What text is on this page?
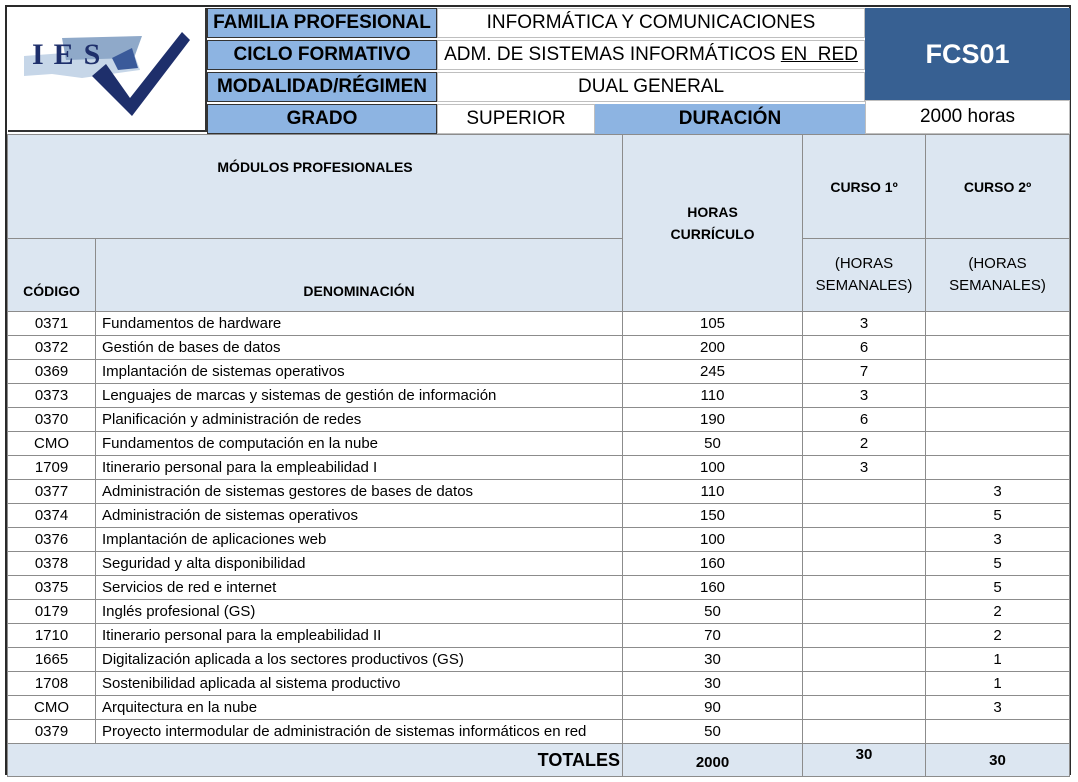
IES
FAMILIA PROFESIONAL	INFORMÁTICA Y COMUNICACIONES
CICLO FORMATIVO	ADM. DE SISTEMAS INFORMÁTICOS EN  RED
MODALIDAD/RÉGIMEN	DUAL GENERAL
GRADO	SUPERIOR	DURACIÓN	2000 horas
FCS01
MÓDULOS PROFESIONALES		HORAS CURRÍCULO	CURSO 1º	CURSO 2º
CÓDIGO	DENOMINACIÓN		(HORAS SEMANALES)	(HORAS SEMANALES)
0371	Fundamentos de hardware	105	3	
0372	Gestión de bases de datos	200	6	
0369	Implantación de sistemas operativos	245	7	
0373	Lenguajes de marcas y sistemas de gestión de información	110	3	
0370	Planificación y administración de redes	190	6	
CMO	Fundamentos de computación en la nube	50	2	
1709	Itinerario personal para la empleabilidad I	100	3	
0377	Administración de sistemas gestores de bases de datos	110		3
0374	Administración de sistemas operativos	150		5
0376	Implantación de aplicaciones web	100		3
0378	Seguridad y alta disponibilidad	160		5
0375	Servicios de red e internet	160		5
0179	Inglés profesional (GS)	50		2
1710	Itinerario personal para la empleabilidad II	70		2
1665	Digitalización aplicada a los sectores productivos (GS)	30		1
1708	Sostenibilidad aplicada al sistema productivo	30		1
CMO	Arquitectura en la nube	90		3
0379	Proyecto intermodular de administración de sistemas informáticos en red	50		
TOTALES		2000	30	30
